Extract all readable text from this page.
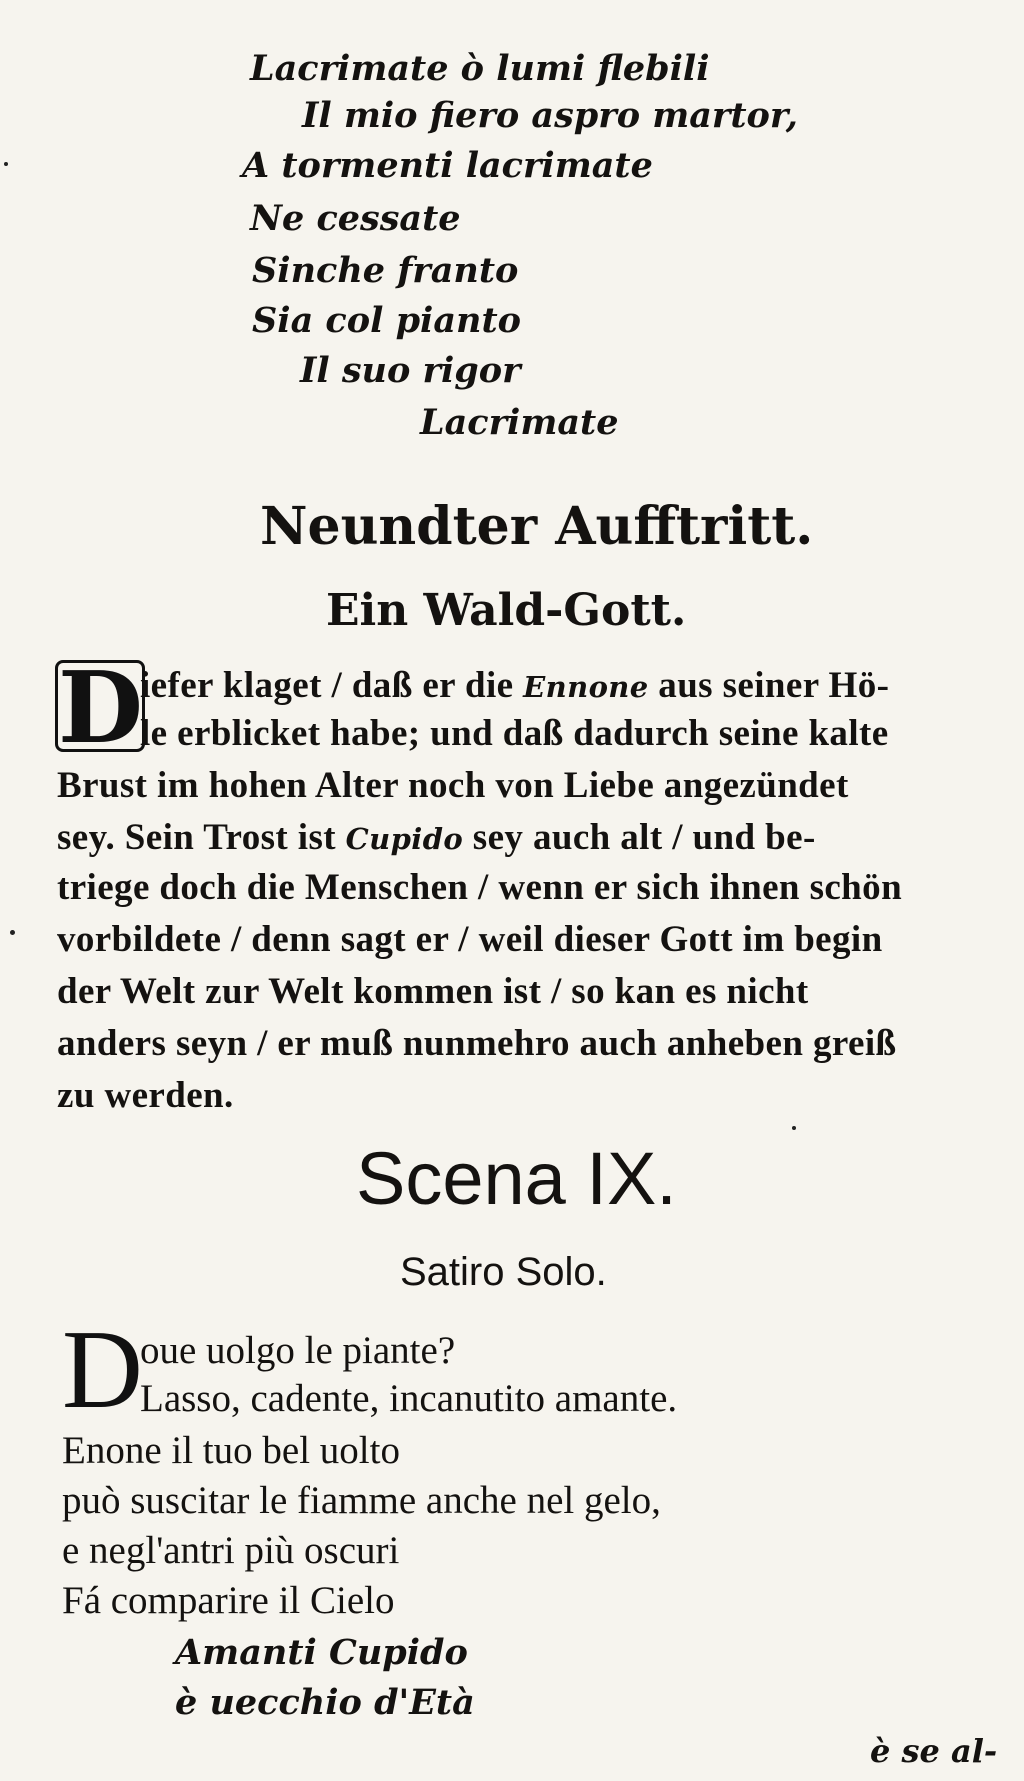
Lacrimate ò lumi flebili
Il mio fiero aspro martor,
A tormenti lacrimate
Ne cessate
Sinche franto
Sia col pianto
Il suo rigor
Lacrimate
Neundter Aufftritt.
Ein Wald-Gott.
D
iefer klaget / daß er die Ennone aus seiner Hö-
le erblicket habe; und daß dadurch seine kalte
Brust im hohen Alter noch von Liebe angezündet
sey. Sein Trost ist Cupido sey auch alt / und be-
triege doch die Menschen / wenn er sich ihnen schön
vorbildete / denn sagt er / weil dieser Gott im begin
der Welt zur Welt kommen ist / so kan es nicht
anders seyn / er muß nunmehro auch anheben greiß
zu werden.
Scena IX.
Satiro Solo.
D
oue uolgo le piante?
Lasso, cadente, incanutito amante.
Enone il tuo bel uolto
può suscitar le fiamme anche nel gelo,
e negl'antri più oscuri
Fá comparire il Cielo
Amanti Cupido
è uecchio d'Età
è se al-
